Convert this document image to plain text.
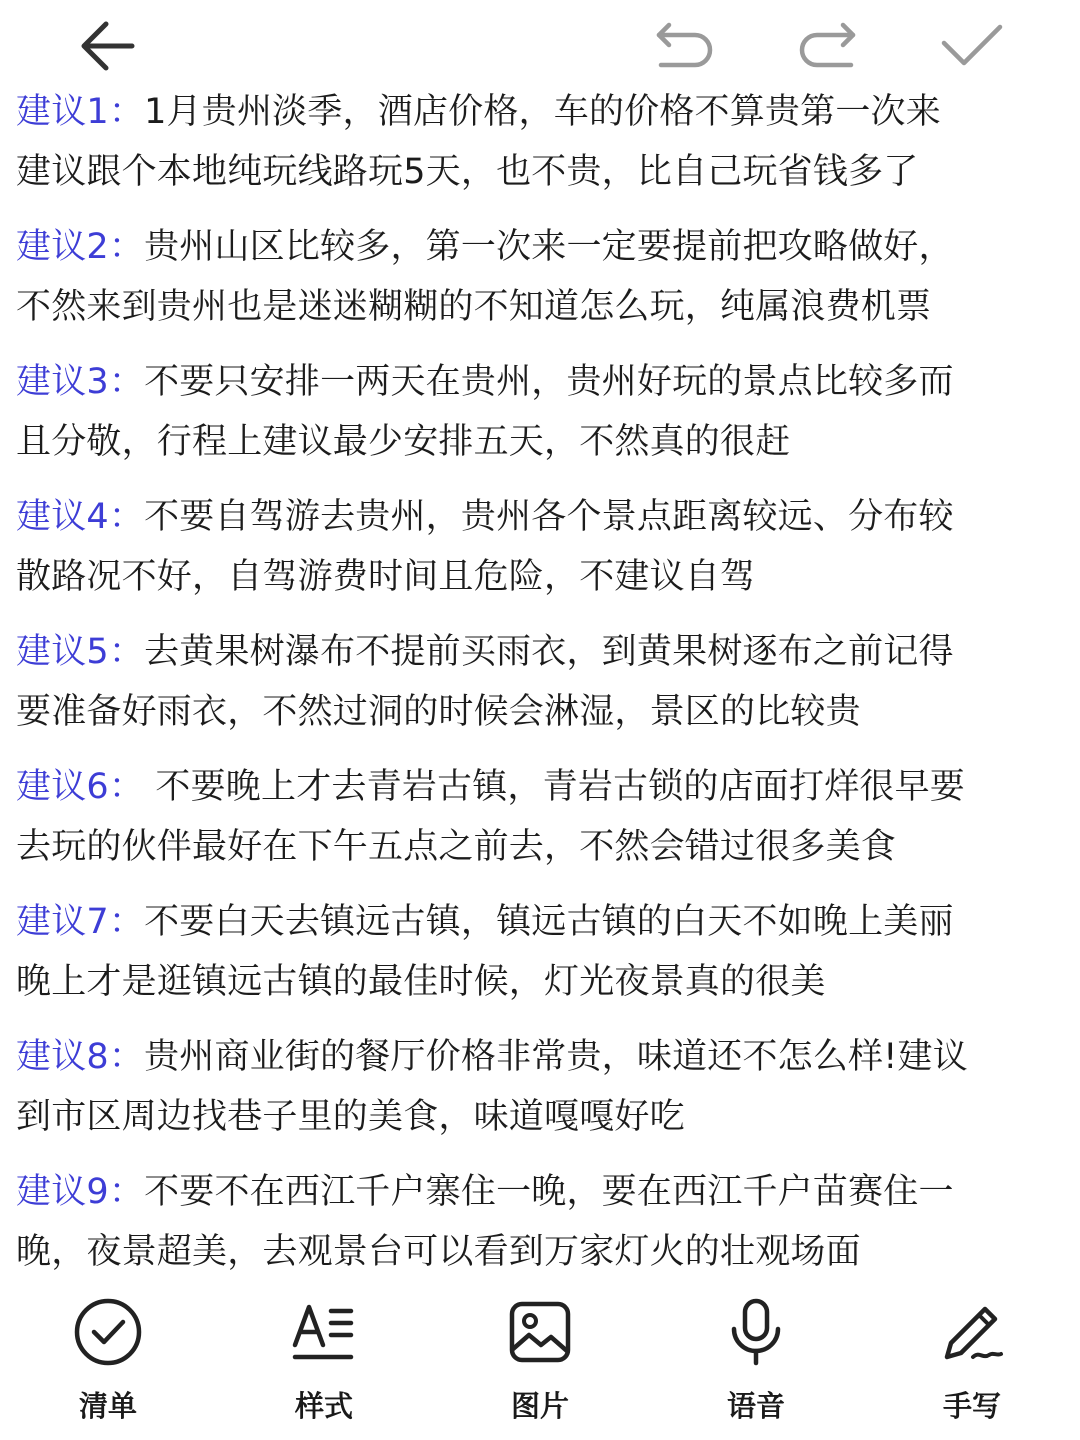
建议1：1月贵州淡季，酒店价格，车的价格不算贵第一次来
建议跟个本地纯玩线路玩5天，也不贵，比自己玩省钱多了
建议2：贵州山区比较多，第一次来一定要提前把攻略做好，
不然来到贵州也是迷迷糊糊的不知道怎么玩，纯属浪费机票
建议3：不要只安排一两天在贵州，贵州好玩的景点比较多而
且分敬，行程上建议最少安排五天，不然真的很赶
建议4：不要自驾游去贵州，贵州各个景点距离较远、分布较
散路况不好，自驾游费时间且危险，不建议自驾
建议5：去黄果树瀑布不提前买雨衣，到黄果树逐布之前记得
要准备好雨衣，不然过洞的时候会淋湿，景区的比较贵
建议6： 不要晚上才去青岩古镇，青岩古锁的店面打烊很早要
去玩的伙伴最好在下午五点之前去，不然会错过很多美食
建议7：不要白天去镇远古镇，镇远古镇的白天不如晚上美丽
晚上才是逛镇远古镇的最佳时候，灯光夜景真的很美
建议8：贵州商业街的餐厅价格非常贵，味道还不怎么样!建议
到市区周边找巷子里的美食，味道嘎嘎好吃
建议9：不要不在西江千户寨住一晚，要在西江千户苗赛住一
晚，夜景超美，去观景台可以看到万家灯火的壮观场面
清单	样式	图片	语音	手写
